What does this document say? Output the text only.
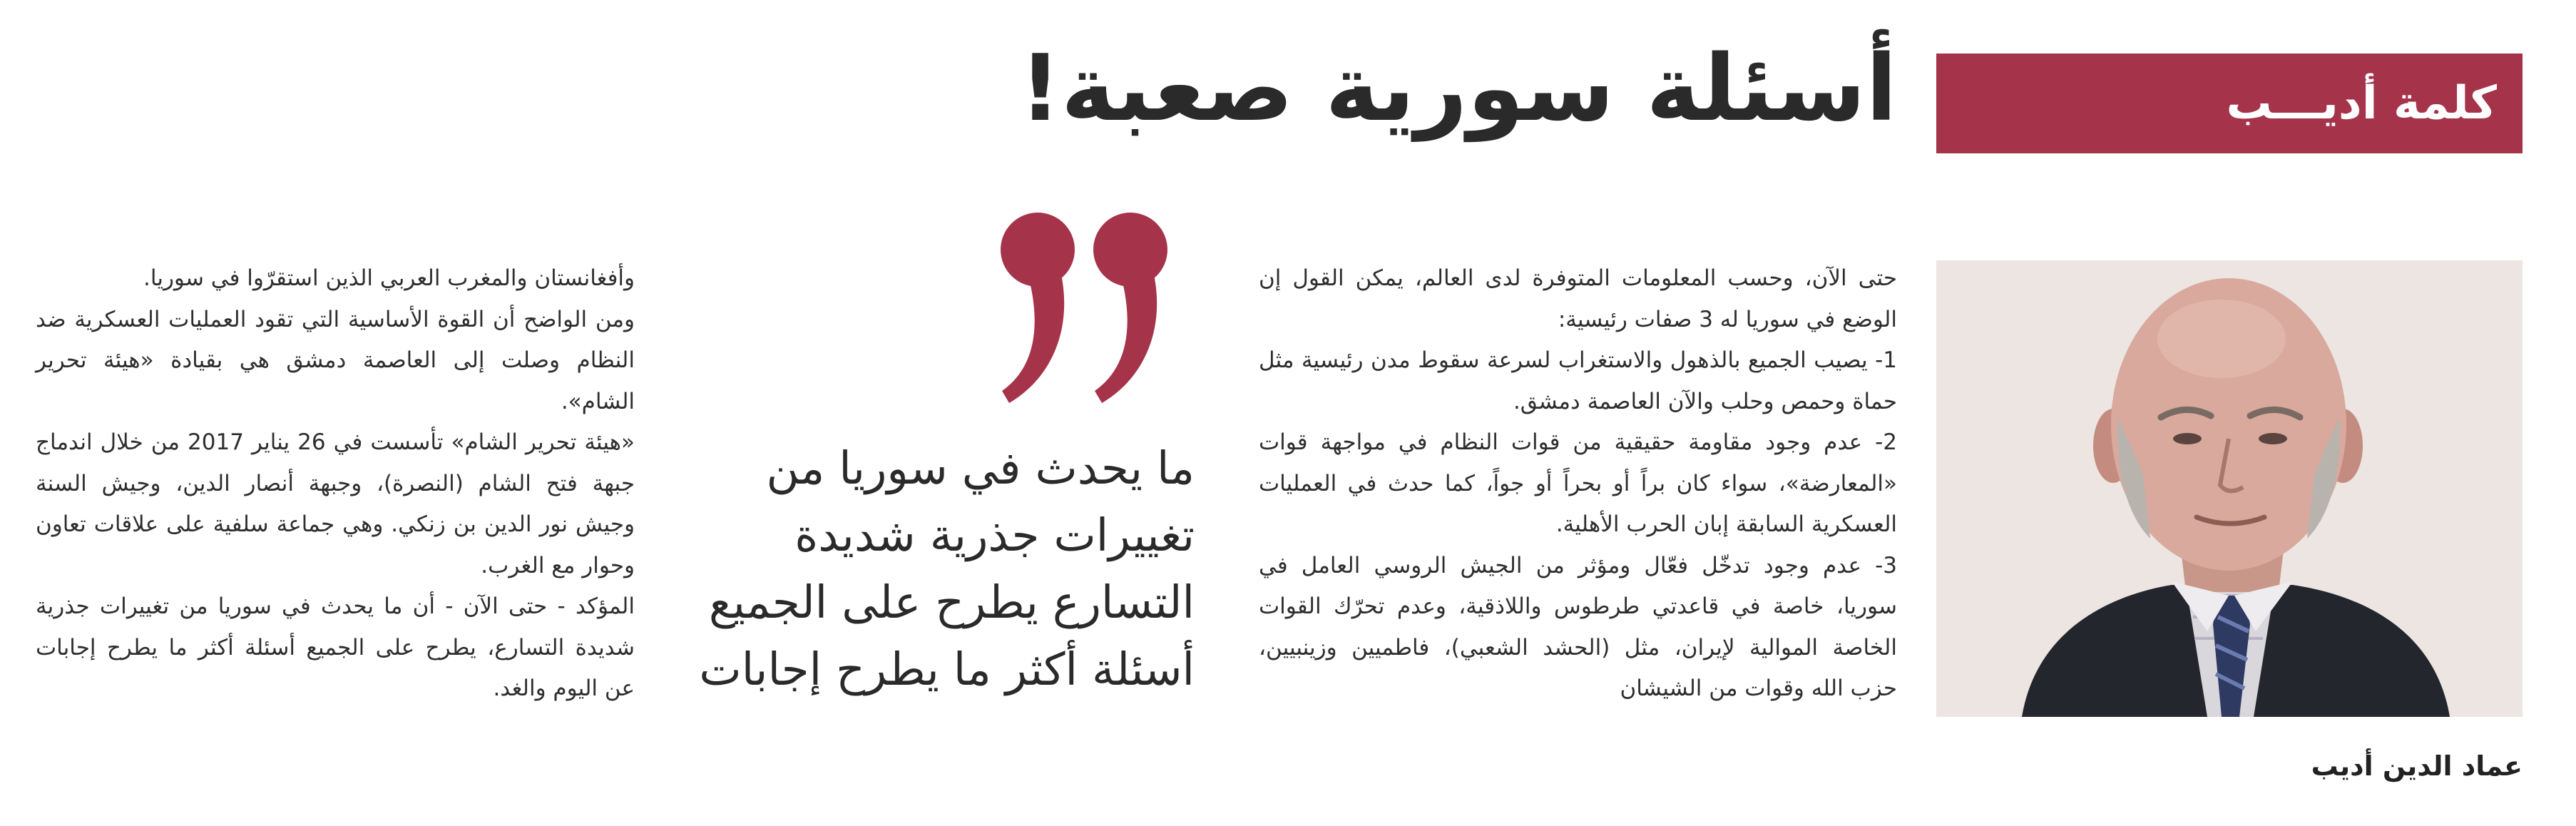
كلمة أديـــب
أسئلة سورية صعبة!
عماد الدين أديب

حتى الآن، وحسب المعلومات المتوفرة لدى العالم، يمكن القول إن الوضع في سوريا له 3 صفات رئيسية:

1- يصيب الجميع بالذهول والاستغراب لسرعة سقوط مدن رئيسية مثل حماة وحمص وحلب والآن العاصمة دمشق.

2- عدم وجود مقاومة حقيقية من قوات النظام في مواجهة قوات «المعارضة»، سواء كان براً أو بحراً أو جواً، كما حدث في العمليات العسكرية السابقة إبان الحرب الأهلية.

3- عدم وجود تدخّل فعّال ومؤثر من الجيش الروسي العامل في سوريا، خاصة في قاعدتي طرطوس واللاذقية، وعدم تحرّك القوات الخاصة الموالية لإيران، مثل (الحشد الشعبي)، فاطميين وزينبيين، حزب الله وقوات من الشيشان

ما يحدث في سوريا من

تغييرات جذرية شديدة

التسارع يطرح على الجميع

أسئلة أكثر ما يطرح إجابات

وأفغانستان والمغرب العربي الذين استقرّوا في سوريا.

ومن الواضح أن القوة الأساسية التي تقود العمليات العسكرية ضد النظام وصلت إلى العاصمة دمشق هي بقيادة «هيئة تحرير الشام».

«هيئة تحرير الشام» تأسست في 26 يناير 2017 من خلال اندماج جبهة فتح الشام (النصرة)، وجبهة أنصار الدين، وجيش السنة وجيش نور الدين بن زنكي. وهي جماعة سلفية على علاقات تعاون وحوار مع الغرب.

المؤكد - حتى الآن - أن ما يحدث في سوريا من تغييرات جذرية شديدة التسارع، يطرح على الجميع أسئلة أكثر ما يطرح إجابات عن اليوم والغد.
